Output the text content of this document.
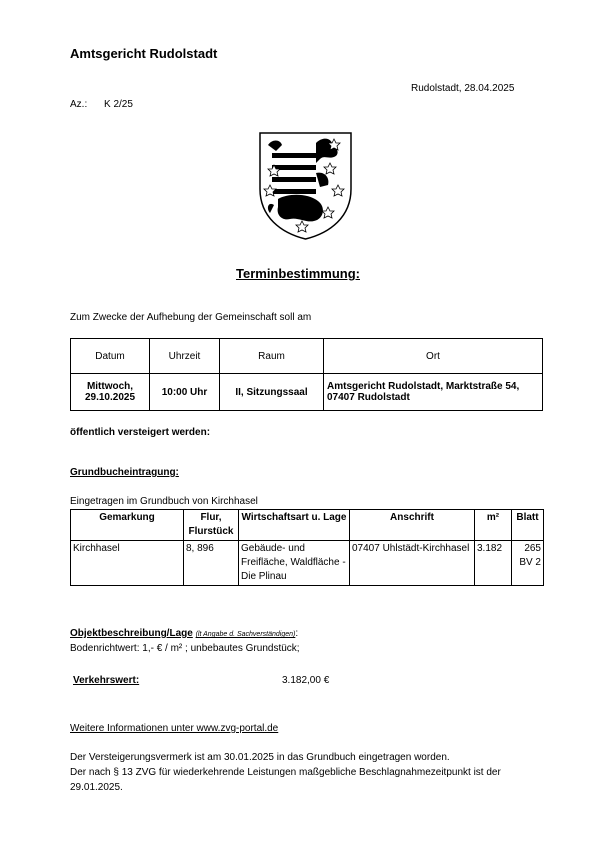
Amtsgericht Rudolstadt
Rudolstadt, 28.04.2025
Az.: K 2/25
Terminbestimmung:
Zum Zwecke der Aufhebung der Gemeinschaft soll am
Datum	Uhrzeit	Raum	Ort
Mittwoch, 29.10.2025	10:00 Uhr	II, Sitzungssaal	Amtsgericht Rudolstadt, Marktstraße 54, 07407 Rudolstadt
öffentlich versteigert werden:
Grundbucheintragung:
Eingetragen im Grundbuch von Kirchhasel
Gemarkung	Flur, Flurstück	Wirtschaftsart u. Lage	Anschrift	m²	Blatt
Kirchhasel	8, 896	Gebäude- und Freifläche, Waldfläche - Die Plinau	07407 Uhlstädt-Kirchhasel	3.182	265 BV 2
Objektbeschreibung/Lage (lt Angabe d. Sachverständigen):
Bodenrichtwert: 1,- € / m² ; unbebautes Grundstück;
Verkehrswert:	3.182,00 €
Weitere Informationen unter www.zvg-portal.de
Der Versteigerungsvermerk ist am 30.01.2025 in das Grundbuch eingetragen worden.
Der nach § 13 ZVG für wiederkehrende Leistungen maßgebliche Beschlagnahmezeitpunkt ist der 29.01.2025.
